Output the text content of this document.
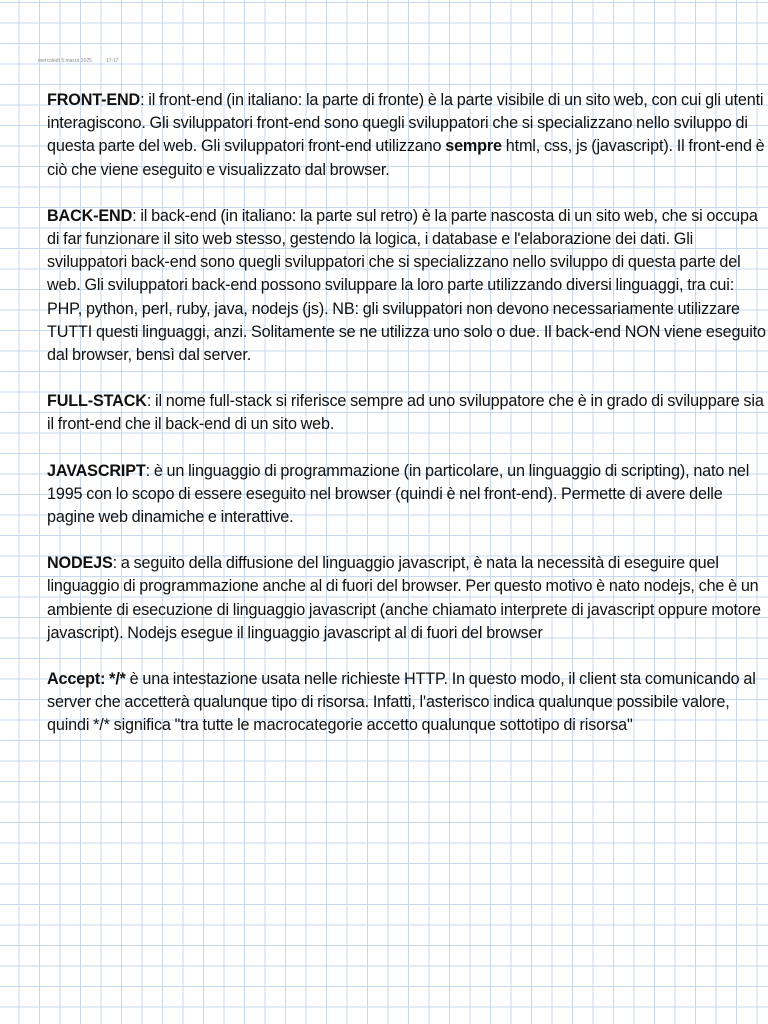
mercoledì 5 marzo 2025	17:17

FRONT-END: il front-end (in italiano: la parte di fronte) è la parte visibile di un sito web, con cui gli utenti interagiscono. Gli sviluppatori front-end sono quegli sviluppatori che si specializzano nello sviluppo di questa parte del web. Gli sviluppatori front-end utilizzano sempre html, css, js (javascript). Il front-end è ciò che viene eseguito e visualizzato dal browser.

BACK-END: il back-end (in italiano: la parte sul retro) è la parte nascosta di un sito web, che si occupa di far funzionare il sito web stesso, gestendo la logica, i database e l'elaborazione dei dati. Gli sviluppatori back-end sono quegli sviluppatori che si specializzano nello sviluppo di questa parte del web. Gli sviluppatori back-end possono sviluppare la loro parte utilizzando diversi linguaggi, tra cui: PHP, python, perl, ruby, java, nodejs (js). NB: gli sviluppatori non devono necessariamente utilizzare TUTTI questi linguaggi, anzi. Solitamente se ne utilizza uno solo o due. Il back-end NON viene eseguito dal browser, bensì dal server.

FULL-STACK: il nome full-stack si riferisce sempre ad uno sviluppatore che è in grado di sviluppare sia il front-end che il back-end di un sito web.

JAVASCRIPT: è un linguaggio di programmazione (in particolare, un linguaggio di scripting), nato nel 1995 con lo scopo di essere eseguito nel browser (quindi è nel front-end). Permette di avere delle pagine web dinamiche e interattive.

NODEJS: a seguito della diffusione del linguaggio javascript, è nata la necessità di eseguire quel linguaggio di programmazione anche al di fuori del browser. Per questo motivo è nato nodejs, che è un ambiente di esecuzione di linguaggio javascript (anche chiamato interprete di javascript oppure motore javascript). Nodejs esegue il linguaggio javascript al di fuori del browser

Accept: */* è una intestazione usata nelle richieste HTTP. In questo modo, il client sta comunicando al server che accetterà qualunque tipo di risorsa. Infatti, l'asterisco indica qualunque possibile valore, quindi */* significa "tra tutte le macrocategorie accetto qualunque sottotipo di risorsa"
